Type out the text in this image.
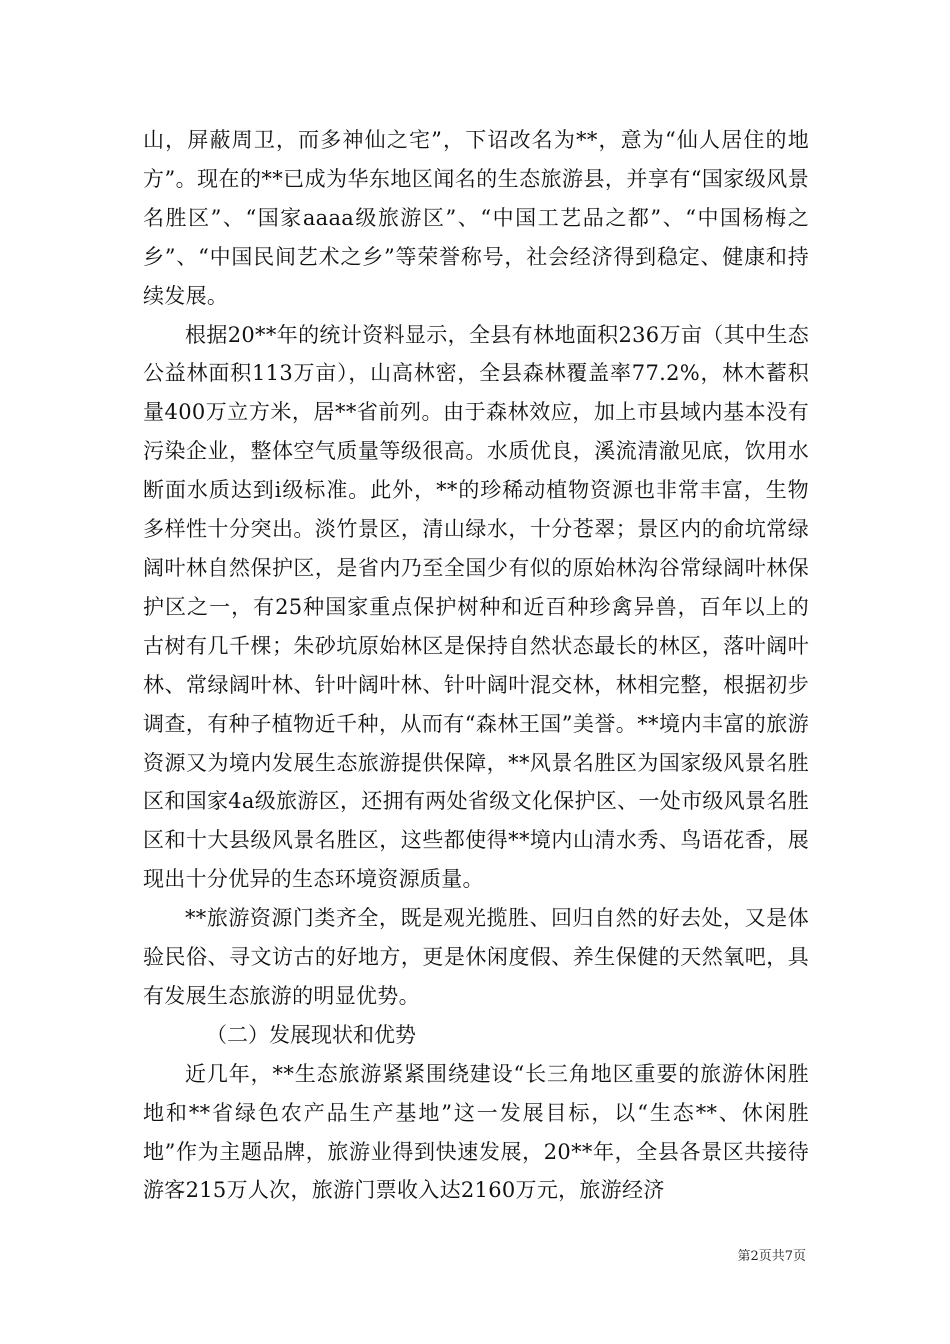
山，屏蔽周卫，而多神仙之宅”，下诏改名为**，意为“仙人居住的地方”。现在的**已成为华东地区闻名的生态旅游县，并享有“国家级风景名胜区”、“国家aaaa级旅游区”、“中国工艺品之都”、“中国杨梅之乡”、“中国民间艺术之乡”等荣誉称号，社会经济得到稳定、健康和持续发展。

根据20**年的统计资料显示，全县有林地面积236万亩（其中生态公益林面积113万亩），山高林密，全县森林覆盖率77.2%，林木蓄积量400万立方米，居**省前列。由于森林效应，加上市县域内基本没有污染企业，整体空气质量等级很高。水质优良，溪流清澈见底，饮用水断面水质达到i级标准。此外，**的珍稀动植物资源也非常丰富，生物多样性十分突出。淡竹景区，清山绿水，十分苍翠；景区内的俞坑常绿阔叶林自然保护区，是省内乃至全国少有似的原始林沟谷常绿阔叶林保护区之一，有25种国家重点保护树种和近百种珍禽异兽，百年以上的古树有几千棵；朱砂坑原始林区是保持自然状态最长的林区，落叶阔叶林、常绿阔叶林、针叶阔叶林、针叶阔叶混交林，林相完整，根据初步调查，有种子植物近千种，从而有“森林王国”美誉。**境内丰富的旅游资源又为境内发展生态旅游提供保障，**风景名胜区为国家级风景名胜区和国家4a级旅游区，还拥有两处省级文化保护区、一处市级风景名胜区和十大县级风景名胜区，这些都使得**境内山清水秀、鸟语花香，展现出十分优异的生态环境资源质量。

**旅游资源门类齐全，既是观光揽胜、回归自然的好去处，又是体验民俗、寻文访古的好地方，更是休闲度假、养生保健的天然氧吧，具有发展生态旅游的明显优势。

（二）发展现状和优势

近几年，**生态旅游紧紧围绕建设“长三角地区重要的旅游休闲胜地和**省绿色农产品生产基地”这一发展目标，以“生态**、休闲胜地”作为主题品牌，旅游业得到快速发展，20**年，全县各景区共接待游客215万人次，旅游门票收入达2160万元，旅游经济

第2页共7页
